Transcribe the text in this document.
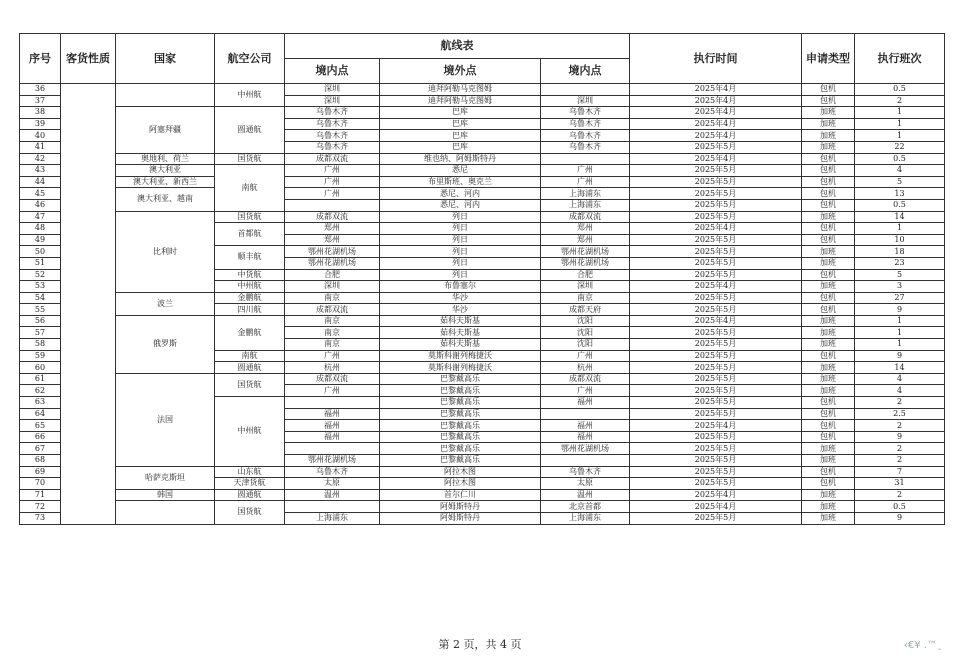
序号	客货性质	国家	航空公司	航线表			执行时间	申请类型	执行班次
				境内点	境外点	境内点			
36			中州航	深圳	迪拜阿勒马克图姆		2025年4月	包机	0.5
37				深圳	迪拜阿勒马克图姆	深圳	2025年4月	包机	2
38		阿塞拜疆	圆通航	乌鲁木齐	巴库	乌鲁木齐	2025年4月	加班	1
39				乌鲁木齐	巴库	乌鲁木齐	2025年4月	加班	1
40				乌鲁木齐	巴库	乌鲁木齐	2025年4月	加班	1
41				乌鲁木齐	巴库	乌鲁木齐	2025年5月	加班	22
42		奥地利、荷兰	国货航	成都双流	维也纳、阿姆斯特丹		2025年4月	包机	0.5
43		澳大利亚	南航	广州	悉尼	广州	2025年5月	包机	4
44		澳大利亚、新西兰		广州	布里斯班、奥克兰	广州	2025年5月	包机	5
45		澳大利亚、越南		广州	悉尼、河内	上海浦东	2025年5月	包机	13
46					悉尼、河内	上海浦东	2025年5月	包机	0.5
47		比利时	国货航	成都双流	列日	成都双流	2025年5月	加班	14
48			首都航	郑州	列日	郑州	2025年4月	包机	1
49				郑州	列日	郑州	2025年5月	包机	10
50			顺丰航	鄂州花湖机场	列日	鄂州花湖机场	2025年5月	加班	18
51				鄂州花湖机场	列日	鄂州花湖机场	2025年5月	加班	23
52			中货航	合肥	列日	合肥	2025年5月	包机	5
53			中州航	深圳	布鲁塞尔	深圳	2025年4月	加班	3
54		波兰	金鹏航	南京	华沙	南京	2025年5月	包机	27
55			四川航	成都双流	华沙	成都天府	2025年5月	包机	9
56		俄罗斯	金鹏航	南京	茹科夫斯基	沈阳	2025年4月	加班	1
57				南京	茹科夫斯基	沈阳	2025年5月	加班	1
58				南京	茹科夫斯基	沈阳	2025年5月	加班	1
59			南航	广州	莫斯科谢列梅捷沃	广州	2025年5月	包机	9
60			圆通航	杭州	莫斯科谢列梅捷沃	杭州	2025年5月	加班	14
61		法国	国货航	成都双流	巴黎戴高乐	成都双流	2025年5月	加班	4
62				广州	巴黎戴高乐	广州	2025年5月	加班	4
63			中州航		巴黎戴高乐	福州	2025年5月	包机	2
64				福州	巴黎戴高乐		2025年5月	包机	2.5
65				福州	巴黎戴高乐	福州	2025年4月	包机	2
66				福州	巴黎戴高乐	福州	2025年5月	包机	9
67					巴黎戴高乐	鄂州花湖机场	2025年5月	加班	2
68				鄂州花湖机场	巴黎戴高乐		2025年5月	加班	2
69		哈萨克斯坦	山东航	乌鲁木齐	阿拉木图	乌鲁木齐	2025年5月	包机	7
70			天津货航	太原	阿拉木图	太原	2025年5月	包机	31
71		韩国	圆通航	温州	首尔仁川	温州	2025年4月	加班	2
72			国货航		阿姆斯特丹	北京首都	2025年4月	加班	0.5
73				上海浦东	阿姆斯特丹	上海浦东	2025年5月	加班	9
第 2 页，共 4 页	‹€¥ .™¸
